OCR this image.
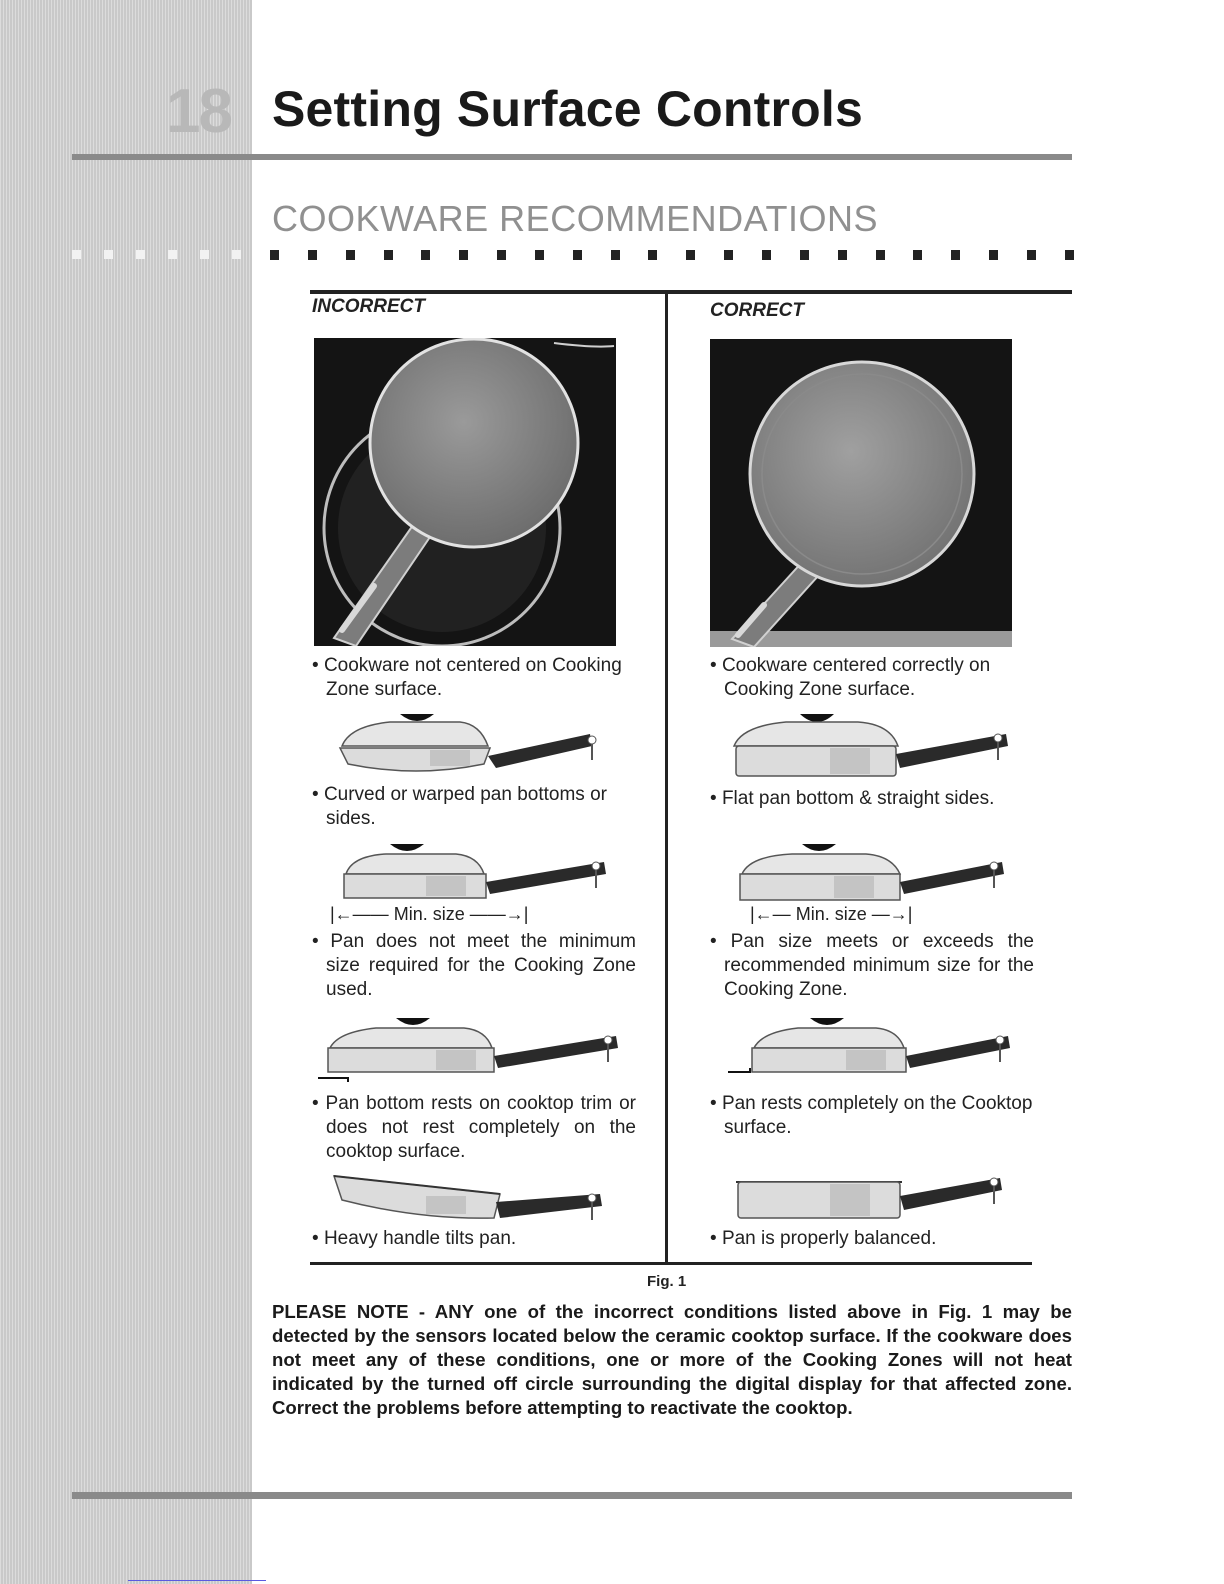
18 Setting Surface Controls
COOKWARE RECOMMENDATIONS
INCORRECT	CORRECT
• Cookware not centered on Cooking Zone surface.
• Curved or warped pan bottoms or sides.
• Pan does not meet the minimum size required for the Cooking Zone used.
• Pan bottom rests on cooktop trim or does not rest completely on the cooktop surface.
• Heavy handle tilts pan.
• Cookware centered correctly on Cooking Zone surface.
• Flat pan bottom & straight sides.
• Pan size meets or exceeds the recommended minimum size for the Cooking Zone.
• Pan rests completely on the Cooktop surface.
• Pan is properly balanced.
|←—— Min. size ——→|	|←— Min. size —→|
Fig. 1
PLEASE NOTE - ANY one of the incorrect conditions listed above in Fig. 1 may be detected by the sensors located below the ceramic cooktop surface. If the cookware does not meet any of these conditions, one or more of the Cooking Zones will not heat indicated by the turned off circle surrounding the digital display for that affected zone. Correct the problems before attempting to reactivate the cooktop.
